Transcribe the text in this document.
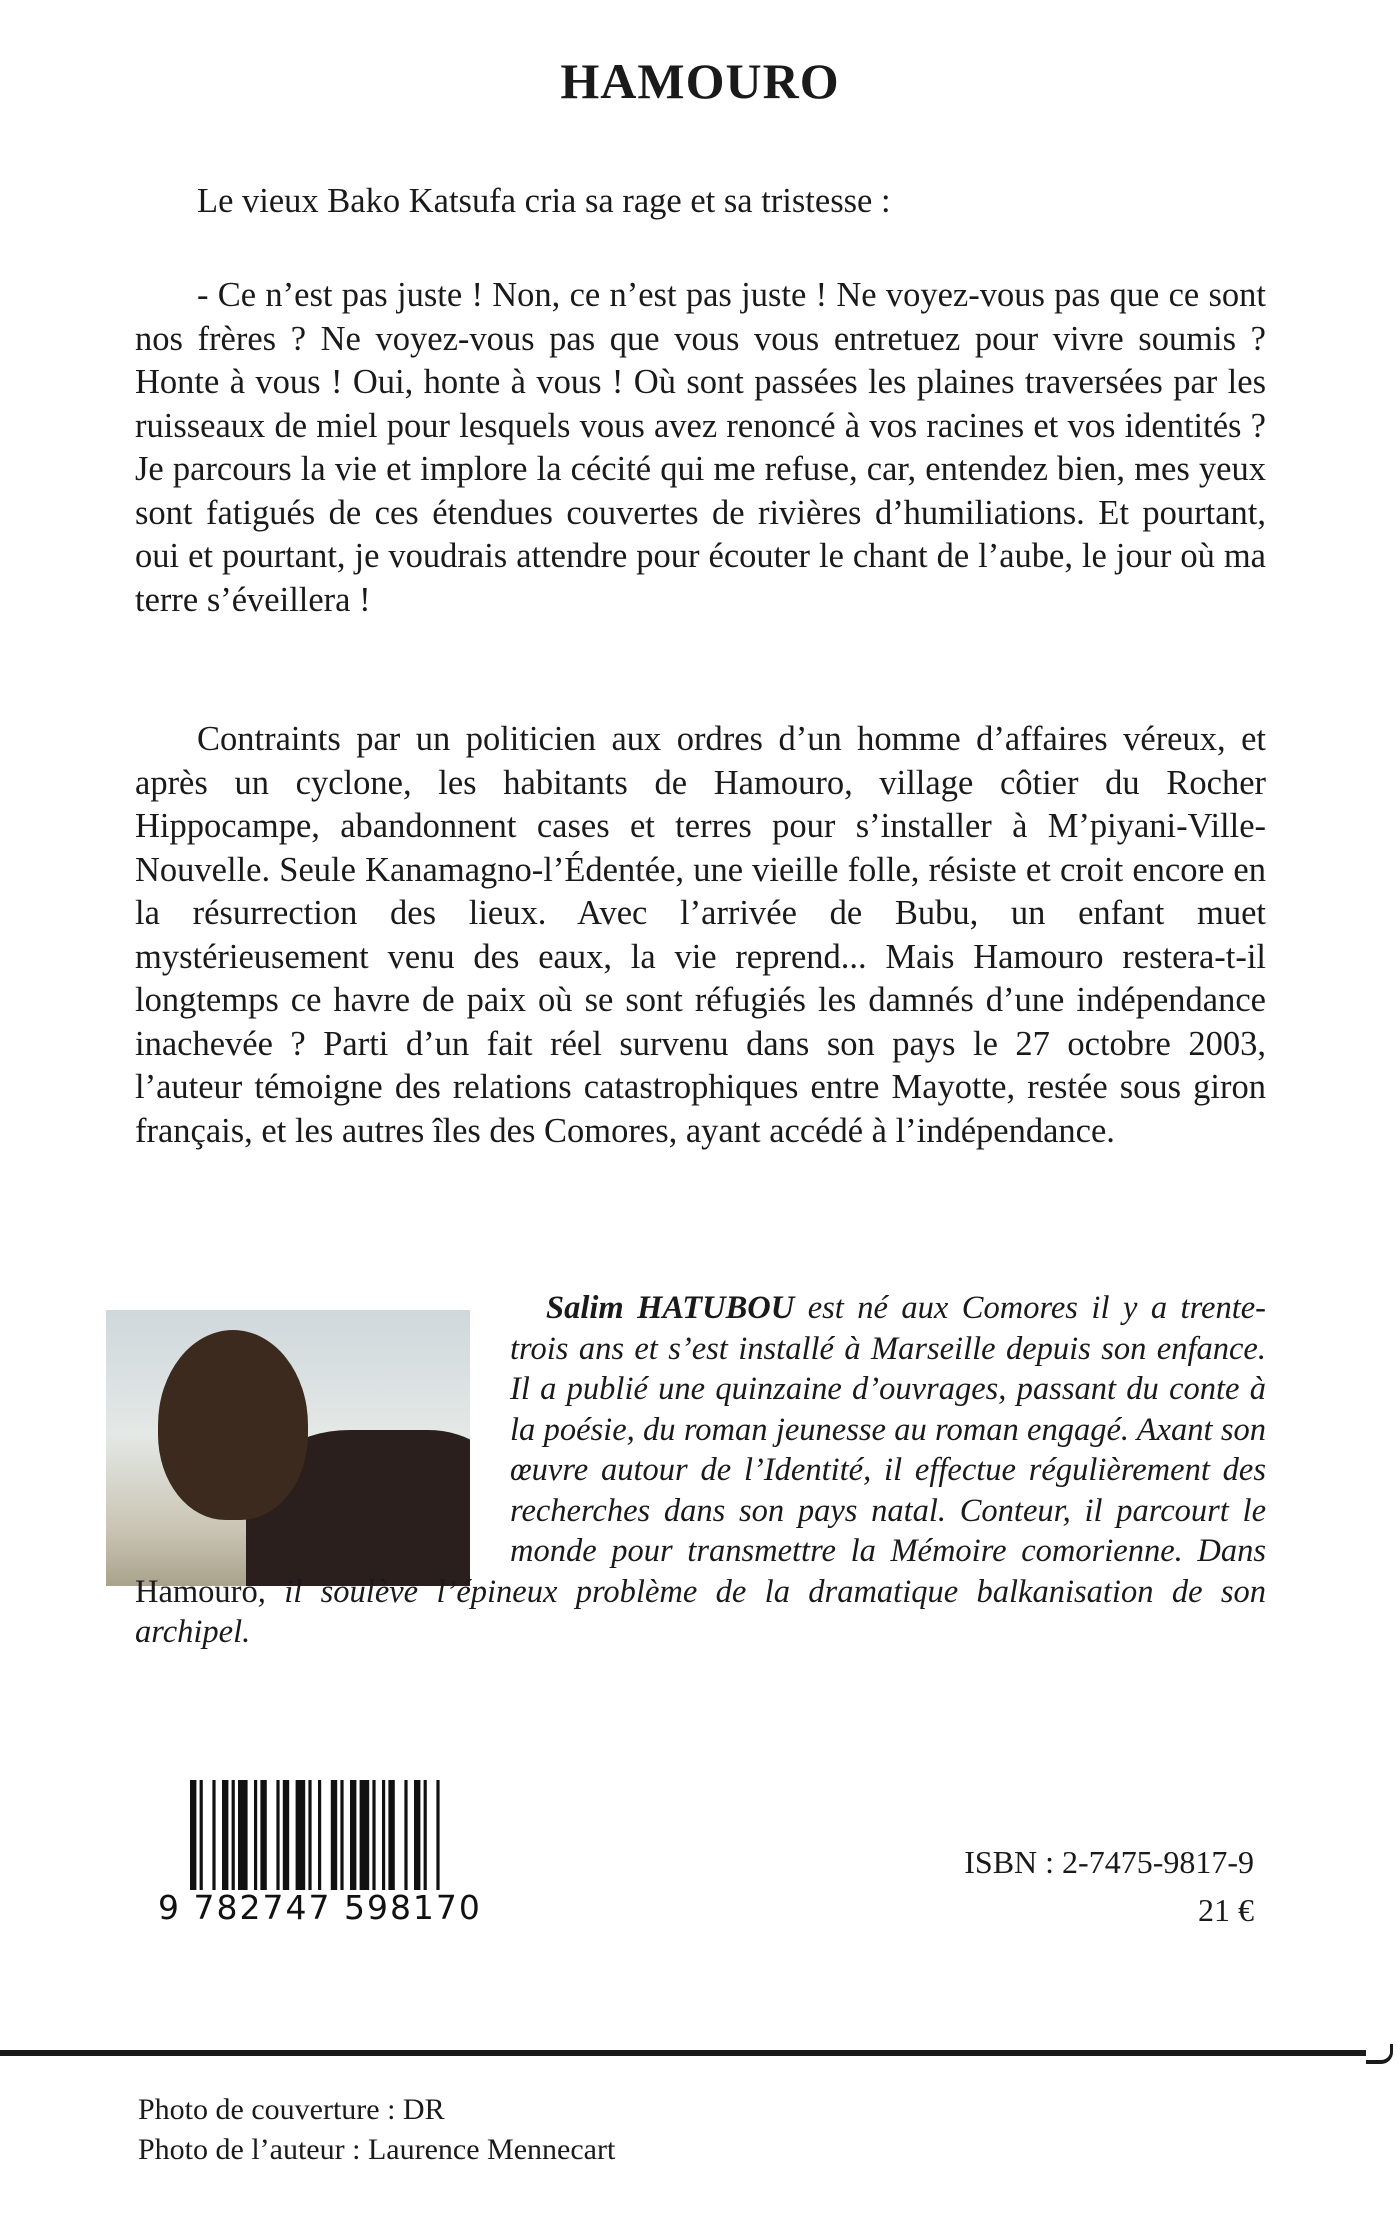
HAMOURO

Le vieux Bako Katsufa cria sa rage et sa tristesse :

- Ce n’est pas juste ! Non, ce n’est pas juste ! Ne voyez-vous pas que ce sont nos frères ? Ne voyez-vous pas que vous vous entretuez pour vivre soumis ? Honte à vous ! Oui, honte à vous ! Où sont passées les plaines traversées par les ruisseaux de miel pour lesquels vous avez renoncé à vos racines et vos identités ? Je parcours la vie et implore la cécité qui me refuse, car, entendez bien, mes yeux sont fatigués de ces étendues couvertes de rivières d’humiliations. Et pourtant, oui et pourtant, je voudrais attendre pour écouter le chant de l’aube, le jour où ma terre s’éveillera !

Contraints par un politicien aux ordres d’un homme d’affaires véreux, et après un cyclone, les habitants de Hamouro, village côtier du Rocher Hippocampe, abandonnent cases et terres pour s’installer à M’piyani-Ville-Nouvelle. Seule Kanamagno-l’Édentée, une vieille folle, résiste et croit encore en la résurrection des lieux. Avec l’arrivée de Bubu, un enfant muet mystérieusement venu des eaux, la vie reprend... Mais Hamouro restera-t-il longtemps ce havre de paix où se sont réfugiés les damnés d’une indépendance inachevée ? Parti d’un fait réel survenu dans son pays le 27 octobre 2003, l’auteur témoigne des relations catastrophiques entre Mayotte, restée sous giron français, et les autres îles des Comores, ayant accédé à l’indépendance.

Salim HATUBOU est né aux Comores il y a trente-trois ans et s’est installé à Marseille depuis son enfance. Il a publié une quinzaine d’ouvrages, passant du conte à la poésie, du roman jeunesse au roman engagé. Axant son œuvre autour de l’Identité, il effectue régulièrement des recherches dans son pays natal. Conteur, il parcourt le monde pour transmettre la Mémoire comorienne. Dans Hamouro, il soulève l’épineux problème de la dramatique balkanisation de son archipel.
9 782747 598170
ISBN : 2-7475-9817-9
21 €
Photo de couverture : DR
Photo de l’auteur : Laurence Mennecart
